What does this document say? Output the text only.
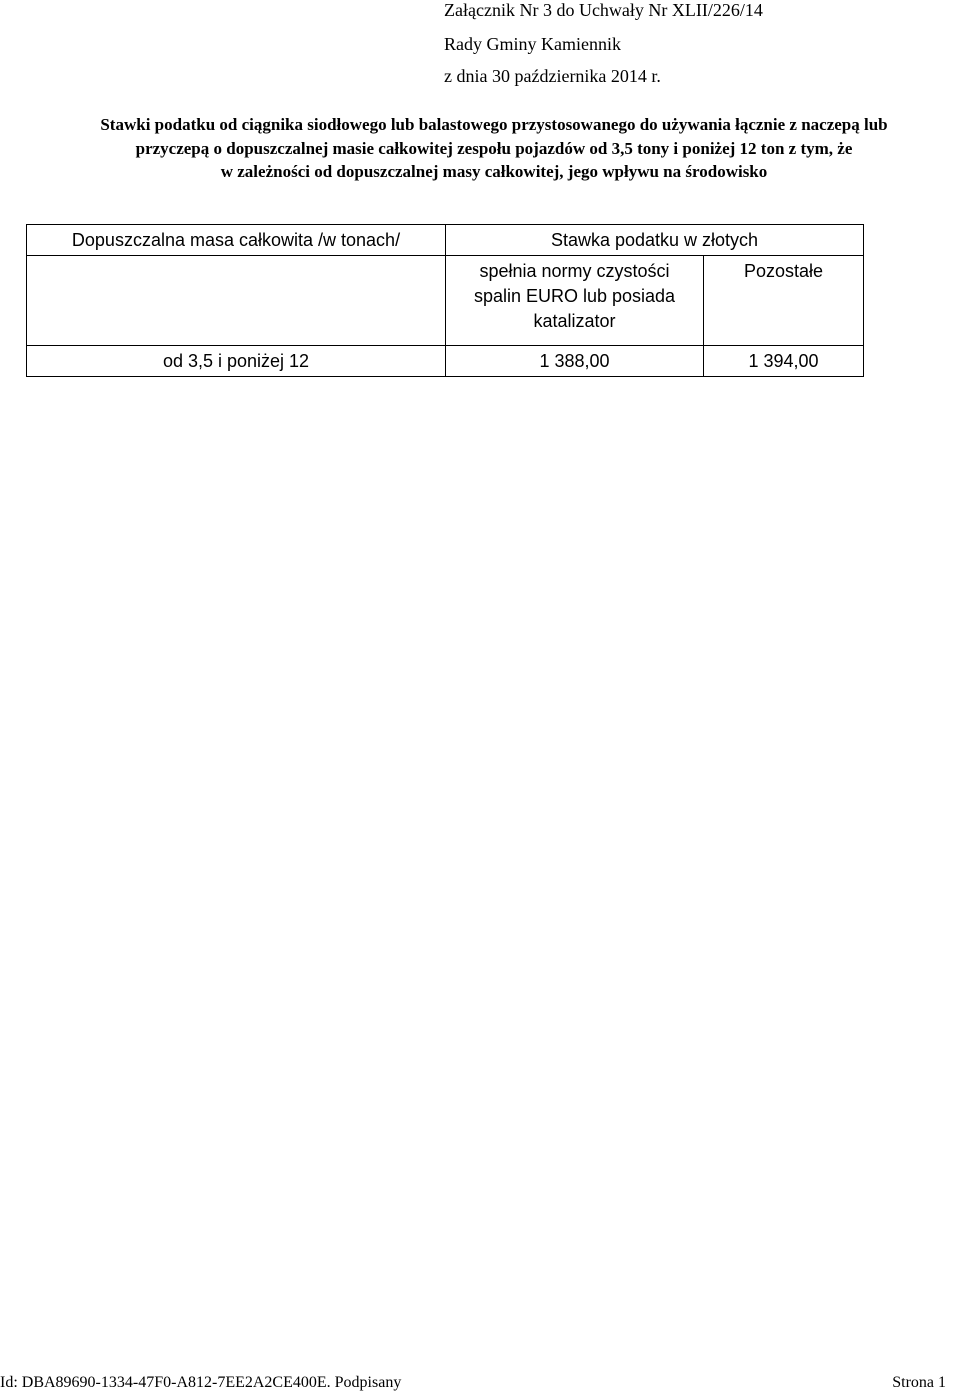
Załącznik Nr 3 do Uchwały Nr XLII/226/14
Rady Gminy Kamiennik
z dnia 30 października 2014 r.
Stawki podatku od ciągnika siodłowego lub balastowego przystosowanego do używania łącznie z naczepą lub
przyczepą o dopuszczalnej masie całkowitej zespołu pojazdów od 3,5 tony i poniżej 12 ton z tym, że
w zależności od dopuszczalnej masy całkowitej, jego wpływu na środowisko
Dopuszczalna masa całkowita /w tonach/	Stawka podatku w złotych	

	spełnia normy czystości
spalin EURO lub posiada
katalizator	Pozostałe
od 3,5 i poniżej 12	1 388,00	1 394,00
Id: DBA89690-1334-47F0-A812-7EE2A2CE400E. Podpisany	Strona 1
